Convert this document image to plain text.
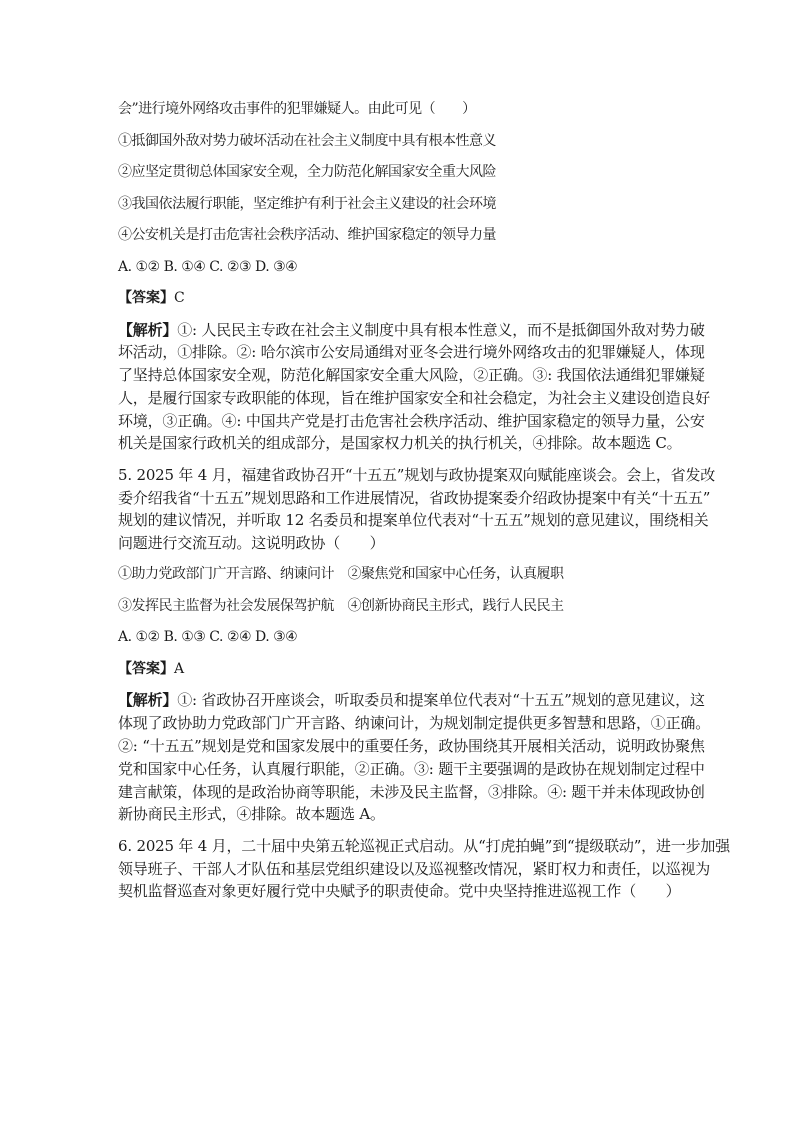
会”进行境外网络攻击事件的犯罪嫌疑人。由此可见（　　）
①抵御国外敌对势力破坏活动在社会主义制度中具有根本性意义
②应坚定贯彻总体国家安全观，全力防范化解国家安全重大风险
③我国依法履行职能，坚定维护有利于社会主义建设的社会环境
④公安机关是打击危害社会秩序活动、维护国家稳定的领导力量
A. ①② B. ①④ C. ②③ D. ③④
【答案】C
【解析】①: 人民民主专政在社会主义制度中具有根本性意义，而不是抵御国外敌对势力破
坏活动，①排除。②: 哈尔滨市公安局通缉对亚冬会进行境外网络攻击的犯罪嫌疑人，体现
了坚持总体国家安全观，防范化解国家安全重大风险，②正确。③: 我国依法通缉犯罪嫌疑
人，是履行国家专政职能的体现，旨在维护国家安全和社会稳定，为社会主义建设创造良好
环境，③正确。④: 中国共产党是打击危害社会秩序活动、维护国家稳定的领导力量，公安
机关是国家行政机关的组成部分，是国家权力机关的执行机关，④排除。故本题选 C。
5. 2025 年 4 月，福建省政协召开“十五五”规划与政协提案双向赋能座谈会。会上，省发改
委介绍我省“十五五”规划思路和工作进展情况，省政协提案委介绍政协提案中有关“十五五”
规划的建议情况，并听取 12 名委员和提案单位代表对“十五五”规划的意见建议，围绕相关
问题进行交流互动。这说明政协（　　）
①助力党政部门广开言路、纳谏问计　②聚焦党和国家中心任务，认真履职
③发挥民主监督为社会发展保驾护航　④创新协商民主形式，践行人民民主
A. ①② B. ①③ C. ②④ D. ③④
【答案】A
【解析】①: 省政协召开座谈会，听取委员和提案单位代表对“十五五”规划的意见建议，这
体现了政协助力党政部门广开言路、纳谏问计，为规划制定提供更多智慧和思路，①正确。
②: “十五五”规划是党和国家发展中的重要任务，政协围绕其开展相关活动，说明政协聚焦
党和国家中心任务，认真履行职能，②正确。③: 题干主要强调的是政协在规划制定过程中
建言献策，体现的是政治协商等职能，未涉及民主监督，③排除。④: 题干并未体现政协创
新协商民主形式，④排除。故本题选 A。
6. 2025 年 4 月，二十届中央第五轮巡视正式启动。从“打虎拍蝇”到“提级联动”，进一步加强
领导班子、干部人才队伍和基层党组织建设以及巡视整改情况，紧盯权力和责任，以巡视为
契机监督巡查对象更好履行党中央赋予的职责使命。党中央坚持推进巡视工作（　　）
